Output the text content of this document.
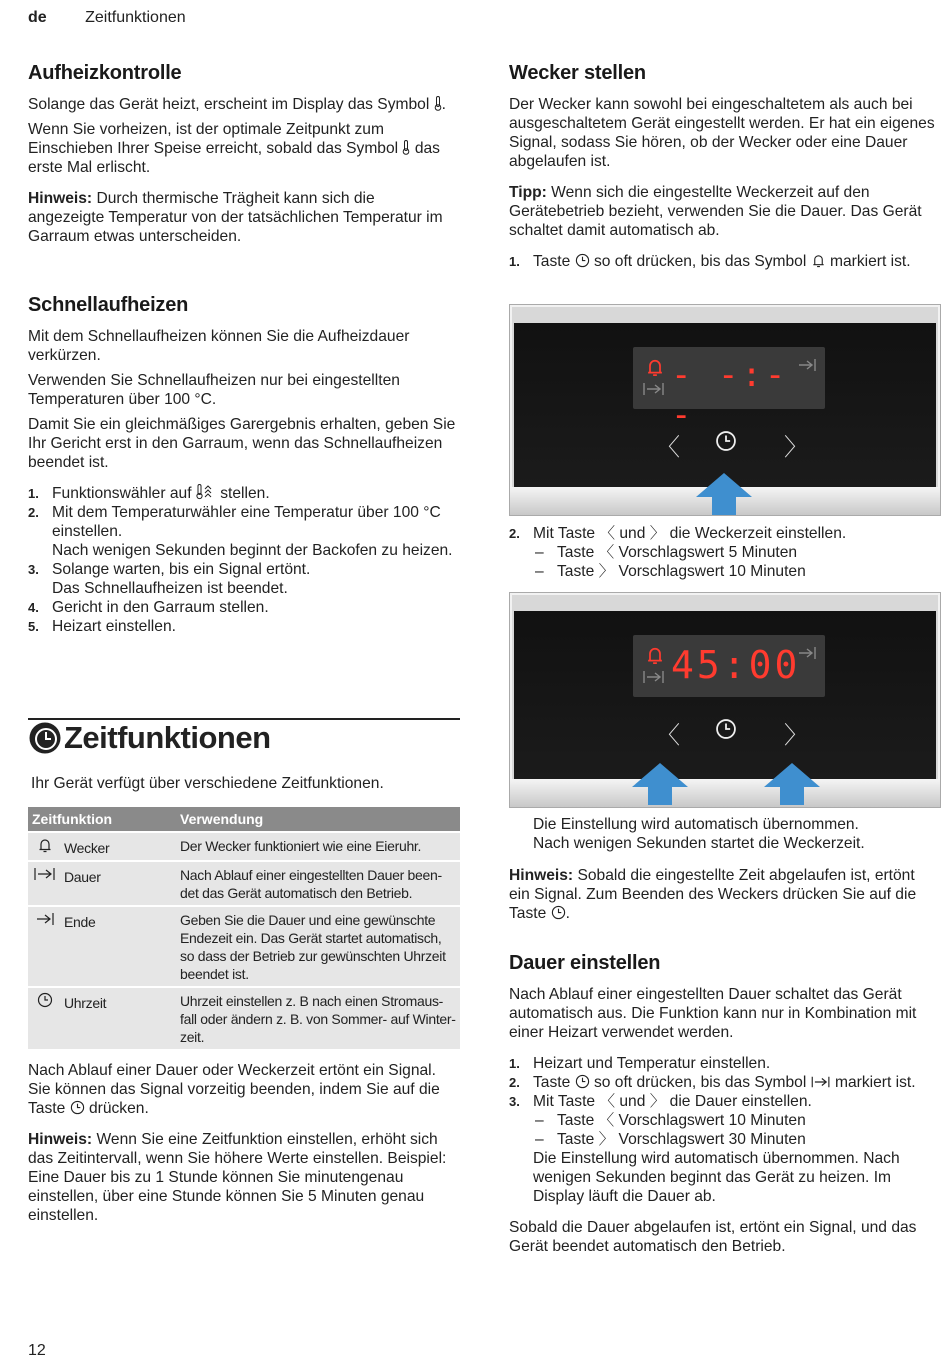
de Zeitfunktionen
Aufheizkontrolle

Solange das Gerät heizt, erscheint im Display das Symbol .

Wenn Sie vorheizen, ist der optimale Zeitpunkt zum Einschieben Ihrer Speise erreicht, sobald das Symbol das erste Mal erlischt.

Hinweis: Durch thermische Trägheit kann sich die angezeigte Temperatur von der tatsächlichen Temperatur im Garraum etwas unterscheiden.

Schnellaufheizen

Mit dem Schnellaufheizen können Sie die Aufheizdauer verkürzen.

Verwenden Sie Schnellaufheizen nur bei eingestellten Temperaturen über 100 °C.

Damit Sie ein gleichmäßiges Garergebnis erhalten, geben Sie Ihr Gericht erst in den Garraum, wenn das Schnellaufheizen beendet ist.

1. Funktionswähler auf stellen.
2. Mit dem Temperaturwähler eine Temperatur über 100 °C einstellen.
Nach wenigen Sekunden beginnt der Backofen zu heizen.
3. Solange warten, bis ein Signal ertönt.
Das Schnellaufheizen ist beendet.
4. Gericht in den Garraum stellen.
5. Heizart einstellen.
Zeitfunktionen

Ihr Gerät verfügt über verschiedene Zeitfunktionen.

Zeitfunktion	Verwendung
Wecker	Der Wecker funktioniert wie eine Eieruhr.
Dauer	Nach Ablauf einer eingestellten Dauer been-det das Gerät automatisch den Betrieb.
Ende	Geben Sie die Dauer und eine gewünschte Endezeit ein. Das Gerät startet automatisch, so dass der Betrieb zur gewünschten Uhrzeit beendet ist.
Uhrzeit	Uhrzeit einstellen z. B nach einen Stromaus-fall oder ändern z. B. von Sommer- auf Winter-zeit.

Nach Ablauf einer Dauer oder Weckerzeit ertönt ein Signal. Sie können das Signal vorzeitig beenden, indem Sie auf die Taste drücken.

Hinweis: Wenn Sie eine Zeitfunktion einstellen, erhöht sich das Zeitintervall, wenn Sie höhere Werte einstellen. Beispiel: Eine Dauer bis zu 1 Stunde können Sie minutengenau einstellen, über eine Stunde können Sie 5 Minuten genau einstellen.

Wecker stellen

Der Wecker kann sowohl bei eingeschaltetem als auch bei ausgeschaltetem Gerät eingestellt werden. Er hat ein eigenes Signal, sodass Sie hören, ob der Wecker oder eine Dauer abgelaufen ist.

Tipp: Wenn sich die eingestellte Weckerzeit auf den Gerätebetrieb bezieht, verwenden Sie die Dauer. Das Gerät schaltet damit automatisch ab.

1. Taste so oft drücken, bis das Symbol markiert ist.
- -:- -
〈	〉
2. Mit Taste 〈 und 〉 die Weckerzeit einstellen.
– Taste 〈 Vorschlagswert 5 Minuten
– Taste 〉 Vorschlagswert 10 Minuten
45:00
〈	〉

Die Einstellung wird automatisch übernommen.

Nach wenigen Sekunden startet die Weckerzeit.

Hinweis: Sobald die eingestellte Zeit abgelaufen ist, ertönt ein Signal. Zum Beenden des Weckers drücken Sie auf die Taste .

Dauer einstellen

Nach Ablauf einer eingestellten Dauer schaltet das Gerät automatisch aus. Die Funktion kann nur in Kombination mit einer Heizart verwendet werden.

1. Heizart und Temperatur einstellen.
2. Taste so oft drücken, bis das Symbol markiert ist.
3. Mit Taste 〈 und 〉 die Dauer einstellen.
– Taste 〈 Vorschlagswert 10 Minuten
– Taste 〉 Vorschlagswert 30 Minuten
Die Einstellung wird automatisch übernommen. Nach wenigen Sekunden beginnt das Gerät zu heizen. Im Display läuft die Dauer ab.

Sobald die Dauer abgelaufen ist, ertönt ein Signal, und das Gerät beendet automatisch den Betrieb.

12
